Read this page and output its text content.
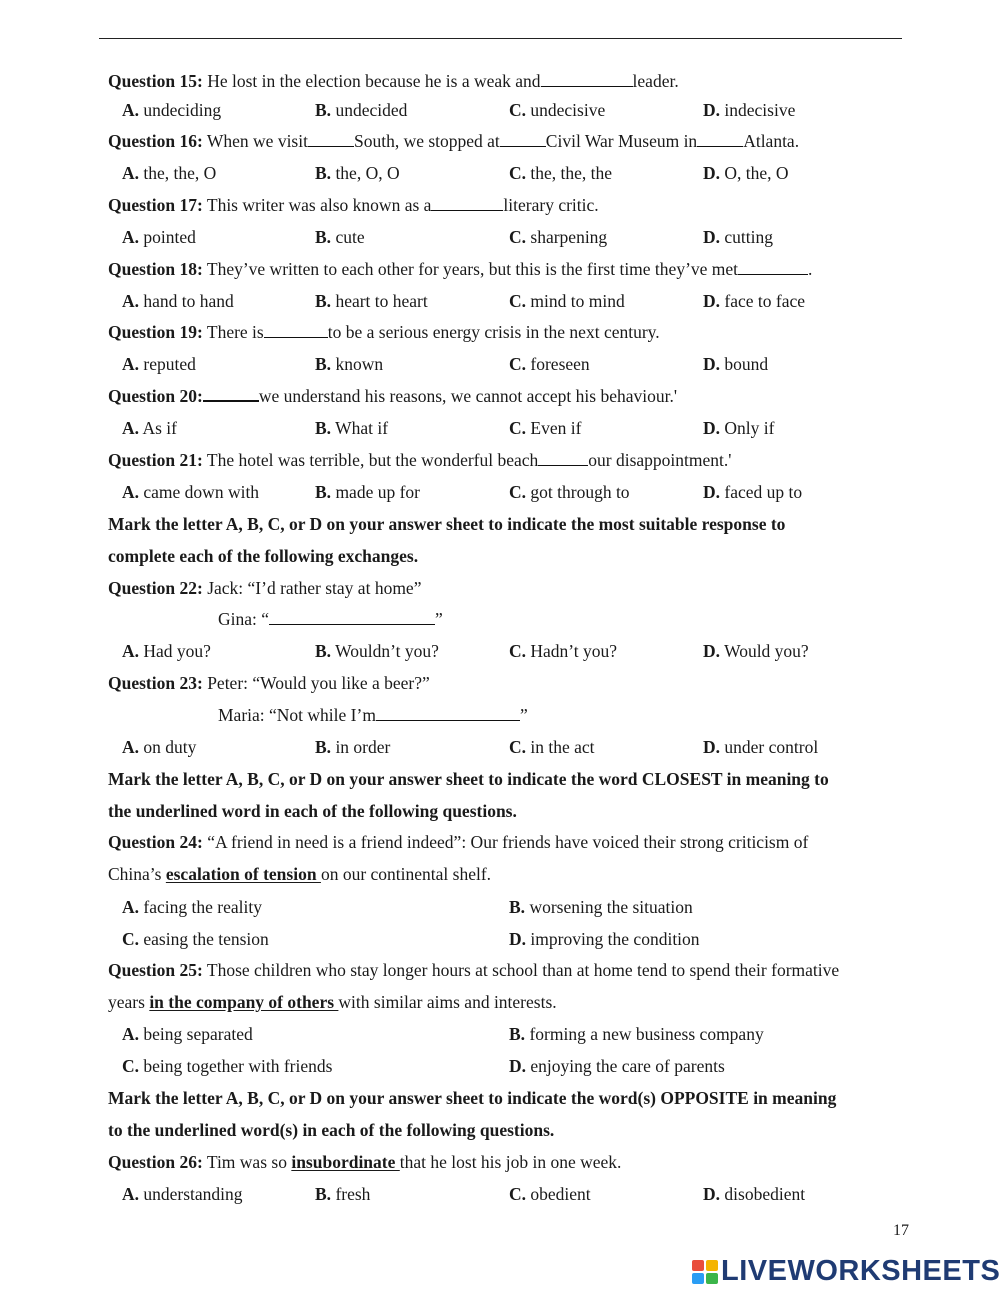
Question 15: He lost in the election because he is a weak and	leader.
A. undeciding	B. undecided	C. undecisive	D. indecisive
Question 16: When we visit	South, we stopped at	Civil War Museum in	Atlanta.
A. the, the, O	B. the, O, O	C. the, the, the	D. O, the, O
Question 17: This writer was also known as a	literary critic.
A. pointed	B. cute	C. sharpening	D. cutting
Question 18: They’ve written to each other for years, but this is the first time they’ve met	.
A. hand to hand	B. heart to heart	C. mind to mind	D. face to face
Question 19: There is	to be a serious energy crisis in the next century.
A. reputed	B. known	C. foreseen	D. bound
Question 20:	we understand his reasons, we cannot accept his behaviour.'
A. As if	B. What if	C. Even if	D. Only if
Question 21: The hotel was terrible, but the wonderful beach	our disappointment.'
A. came down with	B. made up for	C. got through to	D. faced up to
Mark the letter A, B, C, or D on your answer sheet to indicate the most suitable response to
complete each of the following exchanges.
Question 22: Jack: “I’d rather stay at home”
Gina: “	”
A. Had you?	B. Wouldn’t you?	C. Hadn’t you?	D. Would you?
Question 23: Peter: “Would you like a beer?”
Maria: “Not while I’m	”
A. on duty	B. in order	C. in the act	D. under control
Mark the letter A, B, C, or D on your answer sheet to indicate the word CLOSEST in meaning to
the underlined word in each of the following questions.
Question 24: “A friend in need is a friend indeed”: Our friends have voiced their strong criticism of
China’s escalation of tension on our continental shelf.
A. facing the reality	B. worsening the situation
C. easing the tension	D. improving the condition
Question 25: Those children who stay longer hours at school than at home tend to spend their formative
years in the company of others with similar aims and interests.
A. being separated	B. forming a new business company
C. being together with friends	D. enjoying the care of parents
Mark the letter A, B, C, or D on your answer sheet to indicate the word(s) OPPOSITE in meaning
to the underlined word(s) in each of the following questions.
Question 26: Tim was so insubordinate that he lost his job in one week.
A. understanding	B. fresh	C. obedient	D. disobedient
17
LIVEWORKSHEETS
